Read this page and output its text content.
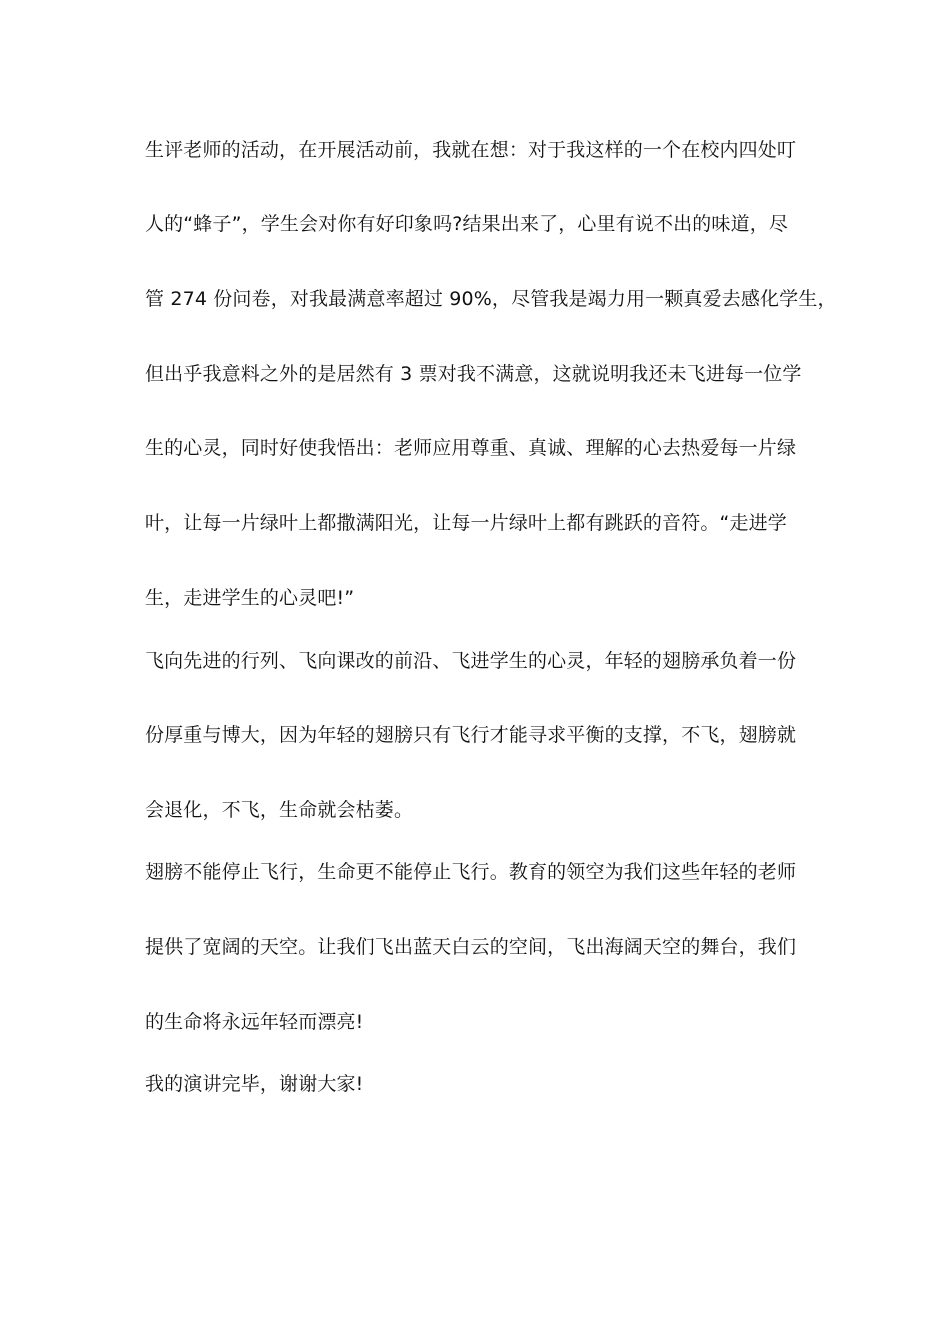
生评老师的活动，在开展活动前，我就在想：对于我这样的一个在校内四处叮

人的“蜂子”，学生会对你有好印象吗?结果出来了，心里有说不出的味道，尽

管 274 份问卷，对我最满意率超过 90%，尽管我是竭力用一颗真爱去感化学生，

但出乎我意料之外的是居然有 3 票对我不满意，这就说明我还未飞进每一位学

生的心灵，同时好使我悟出：老师应用尊重、真诚、理解的心去热爱每一片绿

叶，让每一片绿叶上都撒满阳光，让每一片绿叶上都有跳跃的音符。“走进学

生，走进学生的心灵吧!”

飞向先进的行列、飞向课改的前沿、飞进学生的心灵，年轻的翅膀承负着一份

份厚重与博大，因为年轻的翅膀只有飞行才能寻求平衡的支撑，不飞，翅膀就

会退化，不飞，生命就会枯萎。

翅膀不能停止飞行，生命更不能停止飞行。教育的领空为我们这些年轻的老师

提供了宽阔的天空。让我们飞出蓝天白云的空间，飞出海阔天空的舞台，我们

的生命将永远年轻而漂亮!

我的演讲完毕，谢谢大家!
